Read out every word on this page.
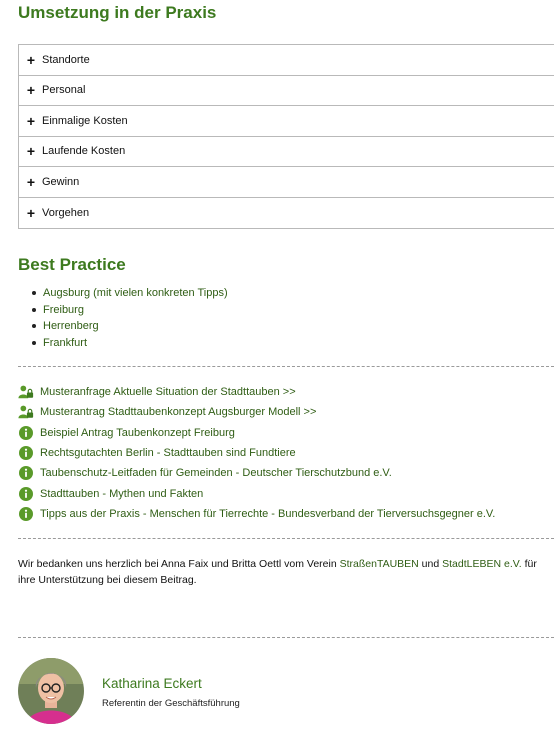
Umsetzung in der Praxis
+ Standorte
+ Personal
+ Einmalige Kosten
+ Laufende Kosten
+ Gewinn
+ Vorgehen
Best Practice
Augsburg (mit vielen konkreten Tipps)
Freiburg
Herrenberg
Frankfurt
Musteranfrage Aktuelle Situation der Stadttauben >>
Musterantrag Stadttaubenkonzept Augsburger Modell >>
Beispiel Antrag Taubenkonzept Freiburg
Rechtsgutachten Berlin - Stadttauben sind Fundtiere
Taubenschutz-Leitfaden für Gemeinden - Deutscher Tierschutzbund e.V.
Stadttauben - Mythen und Fakten
Tipps aus der Praxis - Menschen für Tierrechte - Bundesverband der Tierversuchsgegner e.V.

Wir bedanken uns herzlich bei Anna Faix und Britta Oettl vom Verein StraßenTAUBEN und StadtLEBEN e.V. für ihre Unterstützung bei diesem Beitrag.

Katharina Eckert
Referentin der Geschäftsführung
